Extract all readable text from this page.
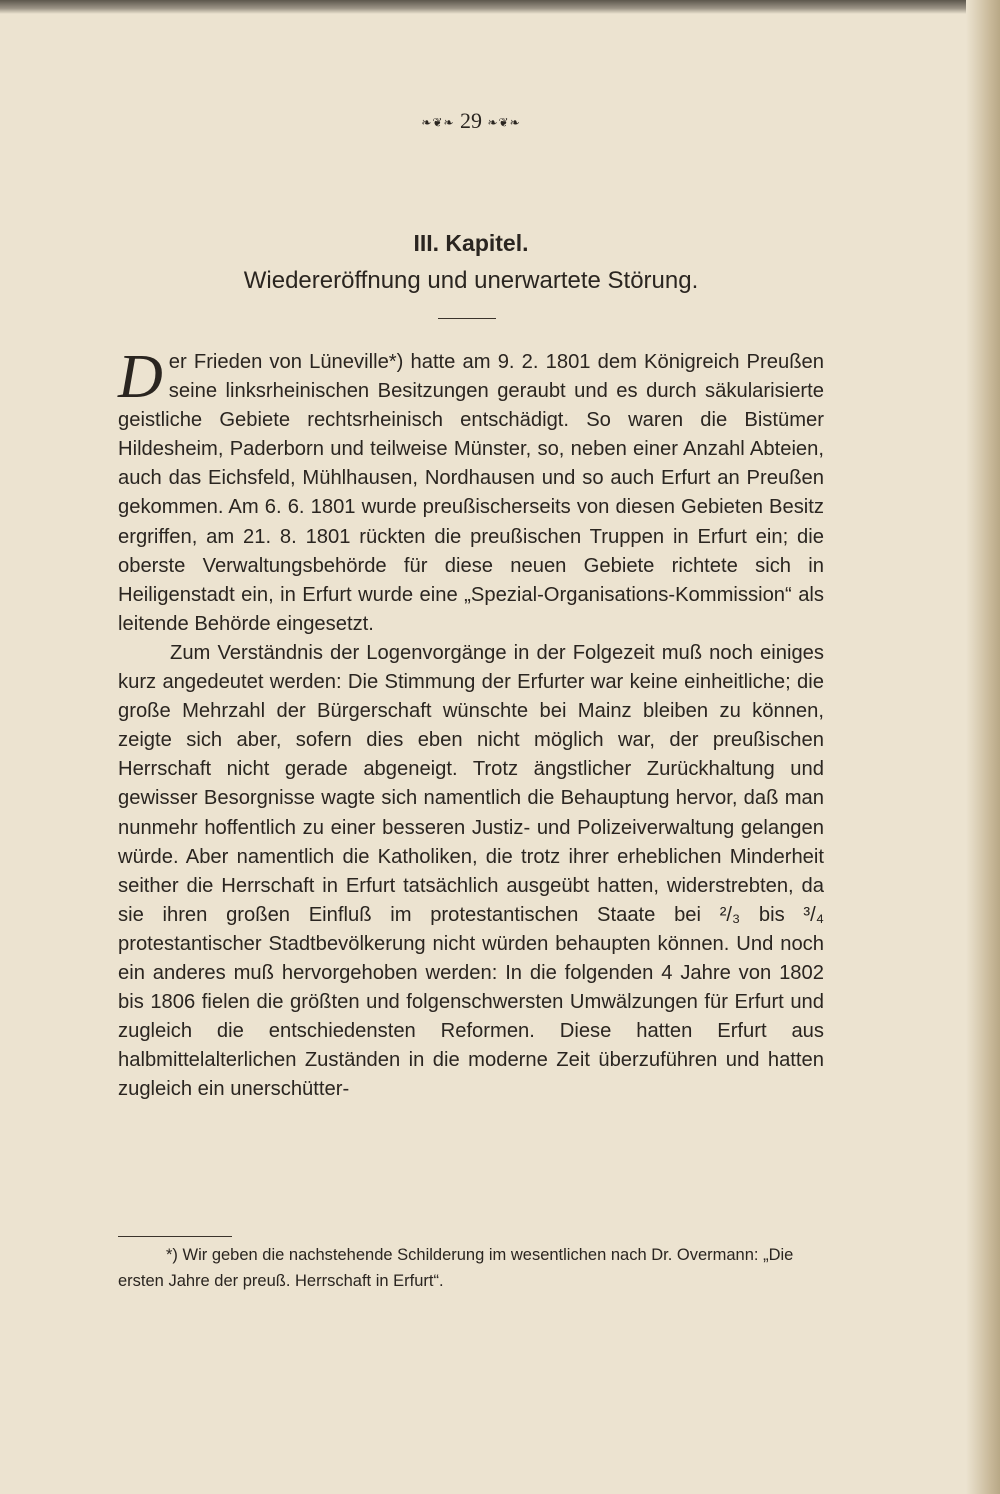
❧❦❧ 29 ❧❦❧
III. Kapitel.
Wiedereröffnung und unerwartete Störung.

Der Frieden von Lüneville*) hatte am 9. 2. 1801 dem Königreich Preußen seine linksrheinischen Besitzungen geraubt und es durch säkularisierte geistliche Gebiete rechtsrheinisch entschädigt. So waren die Bistümer Hildesheim, Paderborn und teilweise Münster, so, neben einer Anzahl Abteien, auch das Eichsfeld, Mühlhausen, Nordhausen und so auch Erfurt an Preußen gekommen. Am 6. 6. 1801 wurde preußischerseits von diesen Gebieten Besitz ergriffen, am 21. 8. 1801 rückten die preußischen Truppen in Erfurt ein; die oberste Verwaltungsbehörde für diese neuen Gebiete richtete sich in Heiligenstadt ein, in Erfurt wurde eine „Spezial-Organisations-Kommission“ als leitende Behörde eingesetzt.

Zum Verständnis der Logenvorgänge in der Folgezeit muß noch einiges kurz angedeutet werden: Die Stimmung der Erfurter war keine einheitliche; die große Mehrzahl der Bürgerschaft wünschte bei Mainz bleiben zu können, zeigte sich aber, sofern dies eben nicht möglich war, der preußischen Herrschaft nicht gerade abgeneigt. Trotz ängstlicher Zurückhaltung und gewisser Besorgnisse wagte sich namentlich die Behauptung hervor, daß man nunmehr hoffentlich zu einer besseren Justiz- und Polizeiverwaltung gelangen würde. Aber namentlich die Katholiken, die trotz ihrer erheblichen Minderheit seither die Herrschaft in Erfurt tatsächlich ausgeübt hatten, widerstrebten, da sie ihren großen Einfluß im protestantischen Staate bei ²/₃ bis ³/₄ protestantischer Stadtbevölkerung nicht würden behaupten können. Und noch ein anderes muß hervorgehoben werden: In die folgenden 4 Jahre von 1802 bis 1806 fielen die größten und folgenschwersten Umwälzungen für Erfurt und zugleich die entschiedensten Reformen. Diese hatten Erfurt aus halbmittelalterlichen Zuständen in die moderne Zeit überzuführen und hatten zugleich ein unerschütter-

*) Wir geben die nachstehende Schilderung im wesentlichen nach Dr. Overmann: „Die ersten Jahre der preuß. Herrschaft in Erfurt“.
